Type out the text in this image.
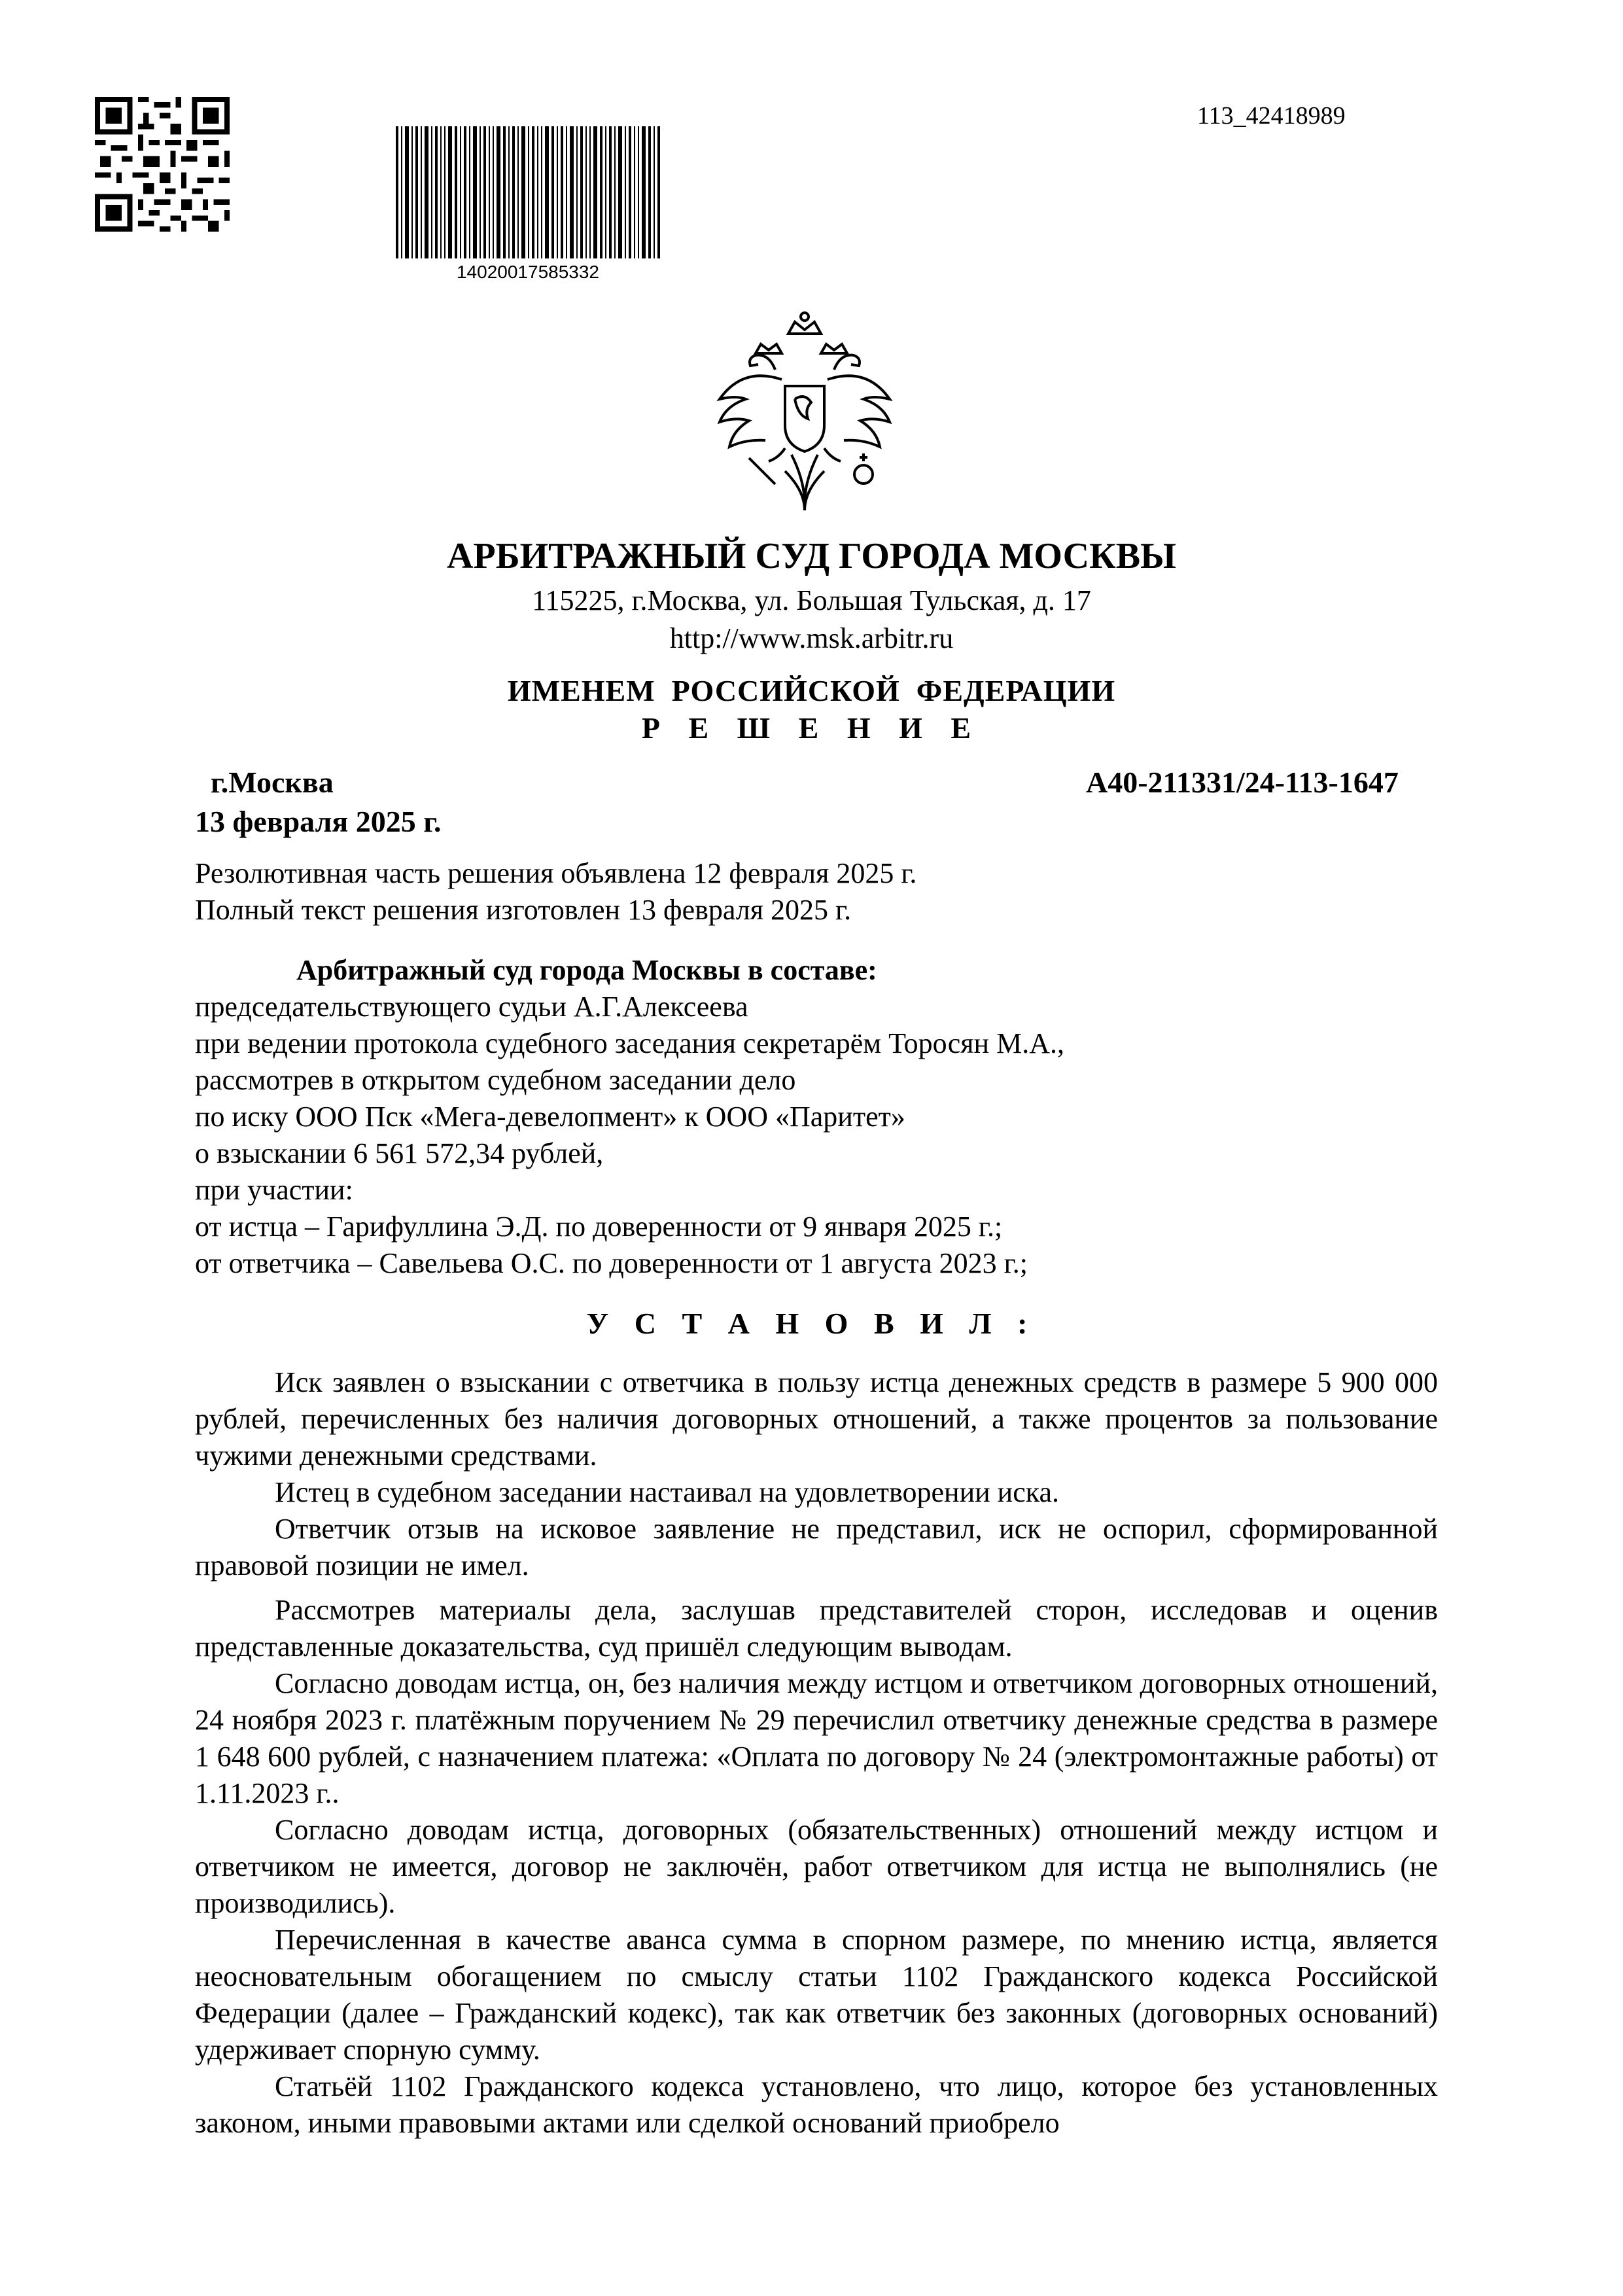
14020017585332
113_42418989
АРБИТРАЖНЫЙ СУД ГОРОДА МОСКВЫ
115225, г.Москва, ул. Большая Тульская, д. 17
http://www.msk.arbitr.ru
ИМЕНЕМ  РОССИЙСКОЙ  ФЕДЕРАЦИИ
Р Е Ш Е Н И Е
г.Москва
13 февраля 2025 г.
А40-211331/24-113-1647
Резолютивная часть решения объявлена 12 февраля 2025 г.
Полный текст решения изготовлен 13 февраля 2025 г.
Арбитражный суд города Москвы в составе:
председательствующего судьи А.Г.Алексеева
при ведении протокола судебного заседания секретарём Торосян М.А.,
рассмотрев в открытом судебном заседании дело
по иску ООО Пск «Мега-девелопмент» к ООО «Паритет»
о взыскании 6 561 572,34 рублей,
при участии:
от истца – Гарифуллина Э.Д. по доверенности от 9 января 2025 г.;
от ответчика – Савельева О.С. по доверенности от 1 августа 2023 г.;
У С Т А Н О В И Л :

Иск заявлен о взыскании с ответчика в пользу истца денежных средств в размере 5 900 000 рублей, перечисленных без наличия договорных отношений, а также процентов за пользование чужими денежными средствами.

Истец в судебном заседании настаивал на удовлетворении иска.

Ответчик отзыв на исковое заявление не представил, иск не оспорил, сформированной правовой позиции не имел.

Рассмотрев материалы дела, заслушав представителей сторон, исследовав и оценив представленные доказательства, суд пришёл следующим выводам.

Согласно доводам истца, он, без наличия между истцом и ответчиком договорных отношений, 24 ноября 2023 г. платёжным поручением № 29 перечислил ответчику денежные средства в размере 1 648 600 рублей, с назначением платежа: «Оплата по договору № 24 (электромонтажные работы) от 1.11.2023 г..

Согласно доводам истца, договорных (обязательственных) отношений между истцом и ответчиком не имеется, договор не заключён, работ ответчиком для истца не выполнялись (не производились).

Перечисленная в качестве аванса сумма в спорном размере, по мнению истца, является неосновательным обогащением по смыслу статьи 1102 Гражданского кодекса Российской Федерации (далее – Гражданский кодекс), так как ответчик без законных (договорных оснований) удерживает спорную сумму.

Статьёй 1102 Гражданского кодекса установлено, что лицо, которое без установленных законом, иными правовыми актами или сделкой оснований приобрело
